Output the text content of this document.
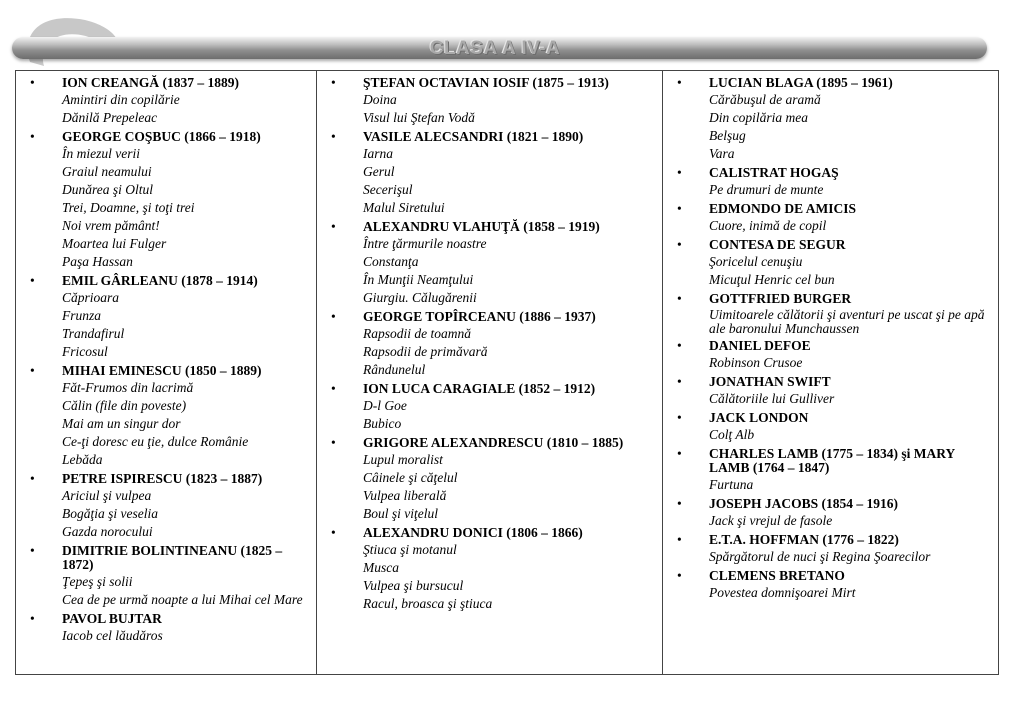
CLASA A IV-A
• ION CREANGĂ (1837 – 1889)
Amintiri din copilărie
Dănilă Prepeleac
• GEORGE COŞBUC (1866 – 1918)
În miezul verii
Graiul neamului
Dunărea şi Oltul
Trei, Doamne, şi toţi trei
Noi vrem pământ!
Moartea lui Fulger
Paşa Hassan
• EMIL GÂRLEANU (1878 – 1914)
Căprioara
Frunza
Trandafirul
Fricosul
• MIHAI EMINESCU (1850 – 1889)
Făt-Frumos din lacrimă
Călin (file din poveste)
Mai am un singur dor
Ce-ţi doresc eu ţie, dulce Românie
Lebăda
• PETRE ISPIRESCU (1823 – 1887)
Ariciul şi vulpea
Bogăţia şi veselia
Gazda norocului
• DIMITRIE BOLINTINEANU (1825 – 1872)
Ţepeş şi solii
Cea de pe urmă noapte a lui Mihai cel Mare
• PAVOL BUJTAR
Iacob cel lăudăros
• ŞTEFAN OCTAVIAN IOSIF (1875 – 1913)
Doina
Visul lui Ştefan Vodă
• VASILE ALECSANDRI (1821 – 1890)
Iarna
Gerul
Secerişul
Malul Siretului
• ALEXANDRU VLAHUŢĂ (1858 – 1919)
Între ţărmurile noastre
Constanţa
În Munţii Neamţului
Giurgiu. Călugărenii
• GEORGE TOPÎRCEANU (1886 – 1937)
Rapsodii de toamnă
Rapsodii de primăvară
Rândunelul
• ION LUCA CARAGIALE (1852 – 1912)
D-l Goe
Bubico
• GRIGORE ALEXANDRESCU (1810 – 1885)
Lupul moralist
Câinele şi căţelul
Vulpea liberală
Boul şi viţelul
• ALEXANDRU DONICI (1806 – 1866)
Ştiuca şi motanul
Musca
Vulpea şi bursucul
Racul, broasca şi ştiuca
• LUCIAN BLAGA (1895 – 1961)
Cărăbuşul de aramă
Din copilăria mea
Belşug
Vara
• CALISTRAT HOGAŞ
Pe drumuri de munte
• EDMONDO DE AMICIS
Cuore, inimă de copil
• CONTESA DE SEGUR
Şoricelul cenuşiu
Micuţul Henric cel bun
• GOTTFRIED BURGER
Uimitoarele călătorii şi aventuri pe uscat şi pe apă ale baronului Munchaussen
• DANIEL DEFOE
Robinson Crusoe
• JONATHAN SWIFT
Călătoriile lui Gulliver
• JACK LONDON
Colţ Alb
• CHARLES LAMB (1775 – 1834) şi MARY LAMB (1764 – 1847)
Furtuna
• JOSEPH JACOBS (1854 – 1916)
Jack şi vrejul de fasole
• E.T.A. HOFFMAN (1776 – 1822)
Spărgătorul de nuci şi Regina Şoarecilor
• CLEMENS BRETANO
Povestea domnişoarei Mirt
